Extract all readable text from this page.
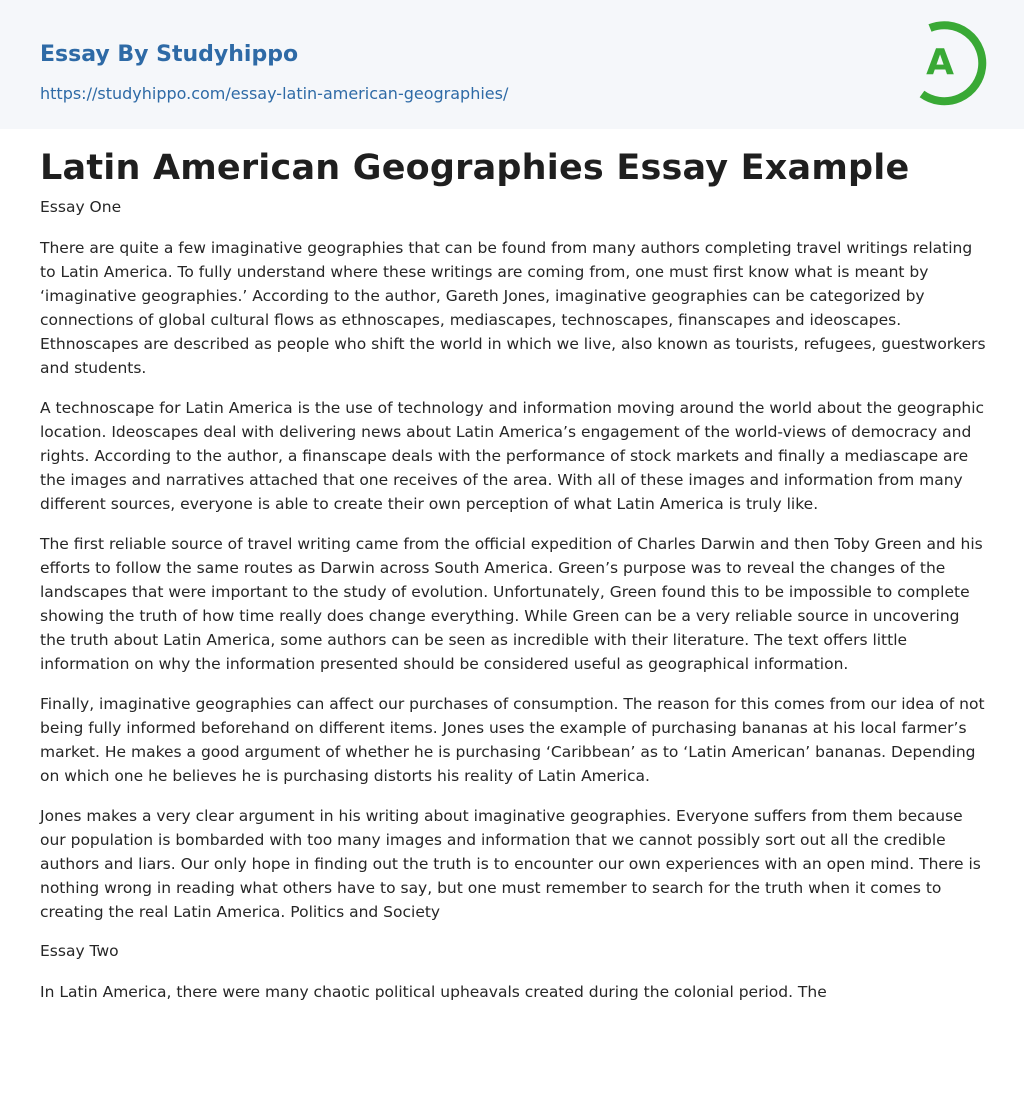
Essay By Studyhippo
https://studyhippo.com/essay-latin-american-geographies/
A
Latin American Geographies Essay Example
Essay One

There are quite a few imaginative geographies that can be found from many authors completing travel writings relating to Latin America. To fully understand where these writings are coming from, one must first know what is meant by ‘imaginative geographies.’ According to the author, Gareth Jones, imaginative geographies can be categorized by connections of global cultural flows as ethnoscapes, mediascapes, technoscapes, finanscapes and ideoscapes. Ethnoscapes are described as people who shift the world in which we live, also known as tourists, refugees, guestworkers and students.

A technoscape for Latin America is the use of technology and information moving around the world about the geographic location. Ideoscapes deal with delivering news about Latin America’s engagement of the world-views of democracy and rights. According to the author, a finanscape deals with the performance of stock markets and finally a mediascape are the images and narratives attached that one receives of the area. With all of these images and information from many different sources, everyone is able to create their own perception of what Latin America is truly like.

The first reliable source of travel writing came from the official expedition of Charles Darwin and then Toby Green and his efforts to follow the same routes as Darwin across South America. Green’s purpose was to reveal the changes of the landscapes that were important to the study of evolution. Unfortunately, Green found this to be impossible to complete showing the truth of how time really does change everything. While Green can be a very reliable source in uncovering the truth about Latin America, some authors can be seen as incredible with their literature. The text offers little information on why the information presented should be considered useful as geographical information.

Finally, imaginative geographies can affect our purchases of consumption. The reason for this comes from our idea of not being fully informed beforehand on different items. Jones uses the example of purchasing bananas at his local farmer’s market. He makes a good argument of whether he is purchasing ‘Caribbean’ as to ‘Latin American’ bananas. Depending on which one he believes he is purchasing distorts his reality of Latin America.

Jones makes a very clear argument in his writing about imaginative geographies. Everyone suffers from them because our population is bombarded with too many images and information that we cannot possibly sort out all the credible authors and liars. Our only hope in finding out the truth is to encounter our own experiences with an open mind. There is nothing wrong in reading what others have to say, but one must remember to search for the truth when it comes to creating the real Latin America. Politics and Society

Essay Two

In Latin America, there were many chaotic political upheavals created during the colonial period. The
